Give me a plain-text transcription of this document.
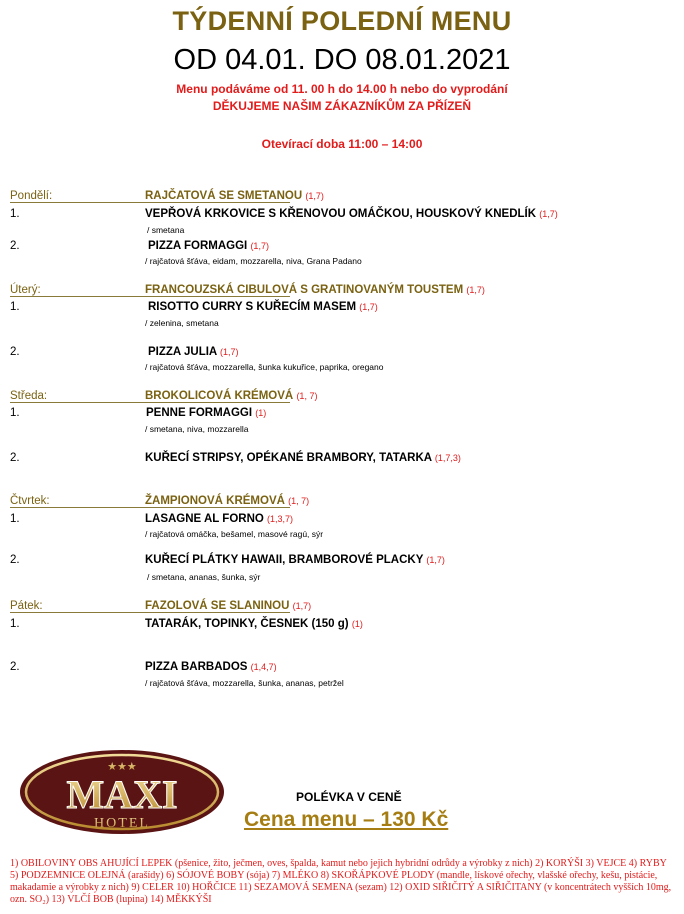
TÝDENNÍ POLEDNÍ MENU
OD 04.01. DO 08.01.2021
Menu podáváme od 11. 00 h do 14.00 h nebo do vyprodání
DĚKUJEME NAŠIM ZÁKAZNÍKŮM ZA PŘÍZEŇ
Otevírací doba 11:00 – 14:00
Pondělí:	RAJČATOVÁ SE SMETANOU (1,7)
1.	VEPŘOVÁ KRKOVICE S KŘENOVOU OMÁČKOU, HOUSKOVÝ KNEDLÍK (1,7)
/ smetana
2.	PIZZA FORMAGGI (1,7)
/ rajčatová šťáva, eidam, mozzarella, niva, Grana Padano
Úterý:	FRANCOUZSKÁ CIBULOVÁ S GRATINOVANÝM TOUSTEM (1,7)
1.	RISOTTO CURRY S KUŘECÍM MASEM (1,7)
/ zelenina, smetana
2.	PIZZA JULIA (1,7)
/ rajčatová šťáva, mozzarella, šunka kukuřice, paprika, oregano
Středa:	BROKOLICOVÁ KRÉMOVÁ (1, 7)
1.	PENNE FORMAGGI (1)
/ smetana, niva, mozzarella
2.	KUŘECÍ STRIPSY, OPÉKANÉ BRAMBORY, TATARKA (1,7,3)
Čtvrtek:	ŽAMPIONOVÁ KRÉMOVÁ (1, 7)
1.	LASAGNE AL FORNO (1,3,7)
/ rajčatová omáčka, bešamel, masové ragú, sýr
2.	KUŘECÍ PLÁTKY HAWAII, BRAMBOROVÉ PLACKY (1,7)
/ smetana, ananas, šunka, sýr
Pátek:	FAZOLOVÁ SE SLANINOU (1,7)
1.	TATARÁK, TOPINKY, ČESNEK (150 g) (1)
2.	PIZZA BARBADOS (1,4,7)
/ rajčatová šťáva, mozzarella, šunka, ananas, petržel
★★★
MAXI
HOTEL
POLÉVKA V CENĚ
Cena menu – 130 Kč
1) OBILOVINY OBS AHUJÍCÍ LEPEK (pšenice, žito, ječmen, oves, špalda, kamut nebo jejich hybridní odrůdy a výrobky z nich) 2) KORÝŠI 3) VEJCE 4) RYBY 5) PODZEMNICE OLEJNÁ (arašídy) 6) SÓJOVÉ BOBY (sója) 7) MLÉKO 8) SKOŘÁPKOVÉ PLODY (mandle, lískové ořechy, vlašské ořechy, kešu, pistácie, makadamie a výrobky z nich) 9) CELER 10) HOŘČICE 11) SEZAMOVÁ SEMENA (sezam) 12) OXID SIŘIČITÝ A SIŘIČITANY (v koncentrátech vyšších 10mg, ozn. SO₂) 13) VLČÍ BOB (lupina) 14) MĚKKÝŠI
